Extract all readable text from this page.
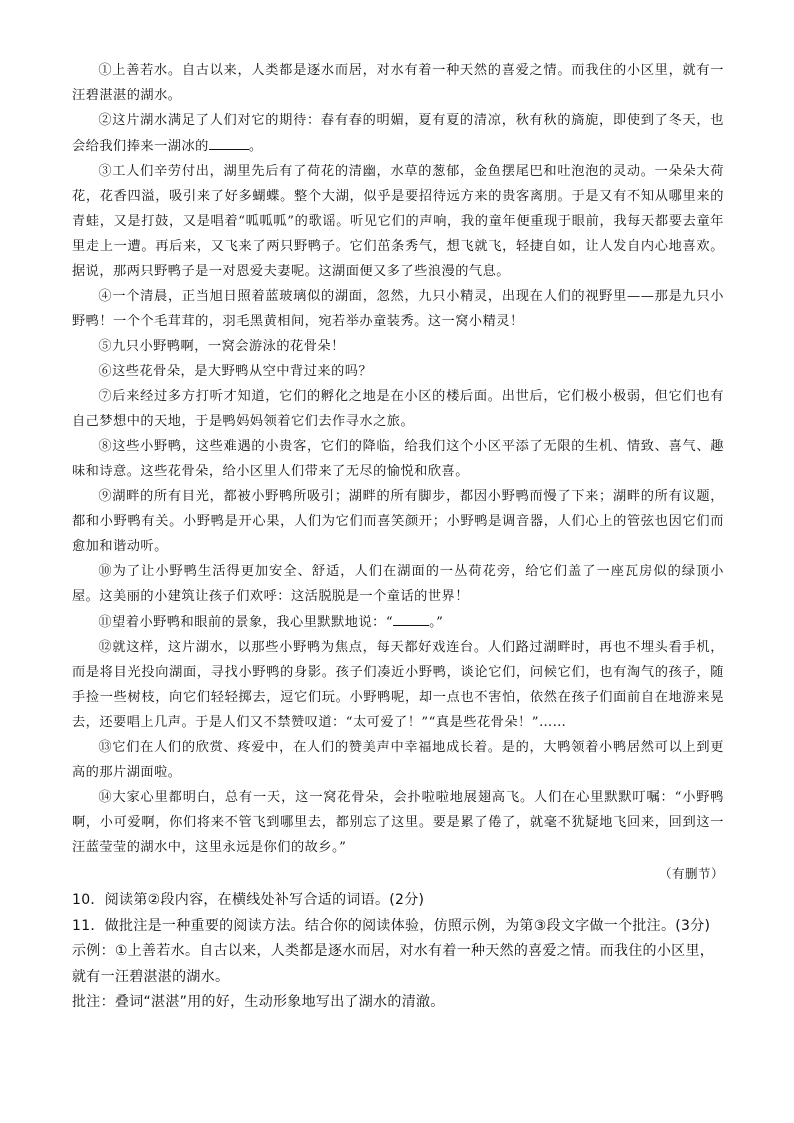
①上善若水。自古以来，人类都是逐水而居，对水有着一种天然的喜爱之情。而我住的小区里，就有一汪碧湛湛的湖水。

②这片湖水满足了人们对它的期待：春有春的明媚，夏有夏的清凉，秋有秋的旖旎，即使到了冬天，也会给我们捧来一湖冰的	。

③工人们辛劳付出，湖里先后有了荷花的清幽，水草的葱郁，金鱼摆尾巴和吐泡泡的灵动。一朵朵大荷花，花香四溢，吸引来了好多蝴蝶。整个大湖，似乎是要招待远方来的贵客离朋。于是又有不知从哪里来的青蛙，又是打鼓，又是唱着“呱呱呱”的歌谣。听见它们的声响，我的童年便重现于眼前，我每天都要去童年里走上一遭。再后来，又飞来了两只野鸭子。它们茁条秀气，想飞就飞，轻捷自如，让人发自内心地喜欢。据说，那两只野鸭子是一对恩爱夫妻呢。这湖面便又多了些浪漫的气息。

④一个清晨，正当旭日照着蓝玻璃似的湖面，忽然，九只小精灵，出现在人们的视野里——那是九只小野鸭！一个个毛茸茸的，羽毛黑黄相间，宛若举办童装秀。这一窝小精灵！

⑤九只小野鸭啊，一窝会游泳的花骨朵！

⑥这些花骨朵，是大野鸭从空中背过来的吗？

⑦后来经过多方打听才知道，它们的孵化之地是在小区的楼后面。出世后，它们极小极弱，但它们也有自己梦想中的天地，于是鸭妈妈领着它们去作寻水之旅。

⑧这些小野鸭，这些难遇的小贵客，它们的降临，给我们这个小区平添了无限的生机、情致、喜气、趣味和诗意。这些花骨朵，给小区里人们带来了无尽的愉悦和欣喜。

⑨湖畔的所有目光，都被小野鸭所吸引；湖畔的所有脚步，都因小野鸭而慢了下来；湖畔的所有议题，都和小野鸭有关。小野鸭是开心果，人们为它们而喜笑颜开；小野鸭是调音器，人们心上的管弦也因它们而愈加和谐动听。

⑩为了让小野鸭生活得更加安全、舒适，人们在湖面的一丛荷花旁，给它们盖了一座瓦房似的绿顶小屋。这美丽的小建筑让孩子们欢呼：这活脱脱是一个童话的世界！

⑪望着小野鸭和眼前的景象，我心里默默地说：“	。”

⑫就这样，这片湖水，以那些小野鸭为焦点，每天都好戏连台。人们路过湖畔时，再也不埋头看手机，而是将目光投向湖面，寻找小野鸭的身影。孩子们凑近小野鸭，谈论它们，问候它们，也有淘气的孩子，随手捡一些树枝，向它们轻轻掷去，逗它们玩。小野鸭呢，却一点也不害怕，依然在孩子们面前自在地游来晃去，还要唱上几声。于是人们又不禁赞叹道：“太可爱了！”“真是些花骨朵！”……

⑬它们在人们的欣赏、疼爱中，在人们的赞美声中幸福地成长着。是的，大鸭领着小鸭居然可以上到更高的那片湖面啦。

⑭大家心里都明白，总有一天，这一窝花骨朵，会扑啦啦地展翅高飞。人们在心里默默叮嘱：“小野鸭啊，小可爱啊，你们将来不管飞到哪里去，都别忘了这里。要是累了倦了，就毫不犹疑地飞回来，回到这一汪蓝莹莹的湖水中，这里永远是你们的故乡。”

（有删节）

10．阅读第②段内容，在横线处补写合适的词语。(2分)

11．做批注是一种重要的阅读方法。结合你的阅读体验，仿照示例，为第③段文字做一个批注。(3分)

示例：①上善若水。自古以来，人类都是逐水而居，对水有着一种天然的喜爱之情。而我住的小区里，就有一汪碧湛湛的湖水。

批注：叠词“湛湛”用的好，生动形象地写出了湖水的清澈。
